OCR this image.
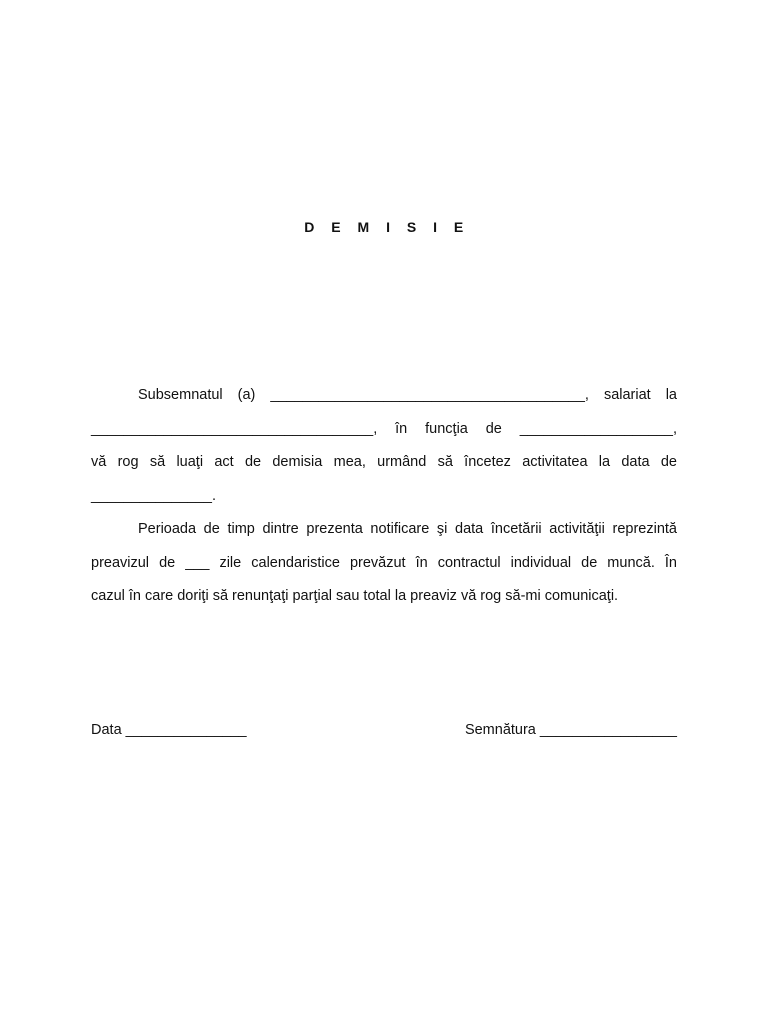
D E M I S I E
Subsemnatul (a) _______________________________________, salariat la
___________________________________, în funcţia de ___________________,
vă rog să luaţi act de demisia mea, urmând să încetez activitatea la data de
_______________.
Perioada de timp dintre prezenta notificare şi data încetării activităţii reprezintă
preavizul de ___ zile calendaristice prevăzut în contractul individual de muncă. În
cazul în care doriţi să renunţaţi parţial sau total la preaviz vă rog să-mi comunicaţi.
Data _______________	Semnătura _________________
